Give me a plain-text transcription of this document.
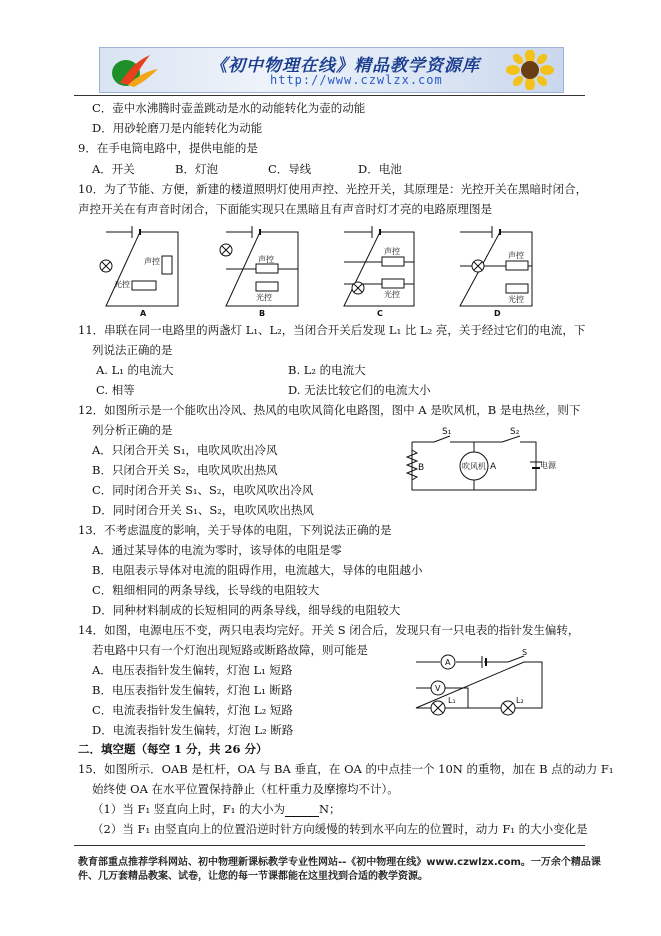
《初中物理在线》精品教学资源库
http://www.czwlzx.com
C．壶中水沸腾时壶盖跳动是水的动能转化为壶的动能
D．用砂轮磨刀是内能转化为动能
9．在手电筒电路中，提供电能的是
A．开关	B．灯泡	C．导线	D．电池
10．为了节能、方便，新建的楼道照明灯使用声控、光控开关，其原理是：光控开关在黑暗时闭合，
声控开关在有声音时闭合，下面能实现只在黑暗且有声音时灯才亮的电路原理图是
声控
光控
声控
光控
声控
光控
声控
光控
A	B	C	D
11．串联在同一电路里的两盏灯 L₁、L₂，当闭合开关后发现 L₁ 比 L₂ 亮，关于经过它们的电流，下
列说法正确的是
A. L₁ 的电流大	B. L₂ 的电流大
C. 相等	D. 无法比较它们的电流大小
12．如图所示是一个能吹出冷风、热风的电吹风简化电路图，图中 A 是吹风机，B 是电热丝，则下
列分析正确的是
A．只闭合开关 S₁，电吹风吹出冷风
B．只闭合开关 S₂，电吹风吹出热风
C．同时闭合开关 S₁、S₂，电吹风吹出冷风
D．同时闭合开关 S₁、S₂，电吹风吹出热风
S₁	S₂
B	吹风机 A	电源
13．不考虑温度的影响，关于导体的电阻，下列说法正确的是
A．通过某导体的电流为零时，该导体的电阻是零
B．电阻表示导体对电流的阻碍作用，电流越大，导体的电阻越小
C．粗细相同的两条导线，长导线的电阻较大
D．同种材料制成的长短相同的两条导线，细导线的电阻较大
14．如图，电源电压不变，两只电表均完好。开关 S 闭合后，发现只有一只电表的指针发生偏转，
若电路中只有一个灯泡出现短路或断路故障，则可能是
A．电压表指针发生偏转，灯泡 L₁ 短路
B．电压表指针发生偏转，灯泡 L₁ 断路
C．电流表指针发生偏转，灯泡 L₂ 短路
D．电流表指针发生偏转，灯泡 L₂ 断路
A
V
S
L₁	L₂
二．填空题（每空 1 分，共 26 分）
15．如图所示．OAB 是杠杆，OA 与 BA 垂直，在 OA 的中点挂一个 10N 的重物，加在 B 点的动力 F₁
始终使 OA 在水平位置保持静止（杠杆重力及摩擦均不计）。
（1）当 F₁ 竖直向上时，F₁ 的大小为	N；
（2）当 F₁ 由竖直向上的位置沿逆时针方向缓慢的转到水平向左的位置时，动力 F₁ 的大小变化是
教育部重点推荐学科网站、初中物理新课标教学专业性网站--《初中物理在线》www.czwlzx.com。一万余个精品课
件、几万套精品教案、试卷，让您的每一节课都能在这里找到合适的教学资源。
